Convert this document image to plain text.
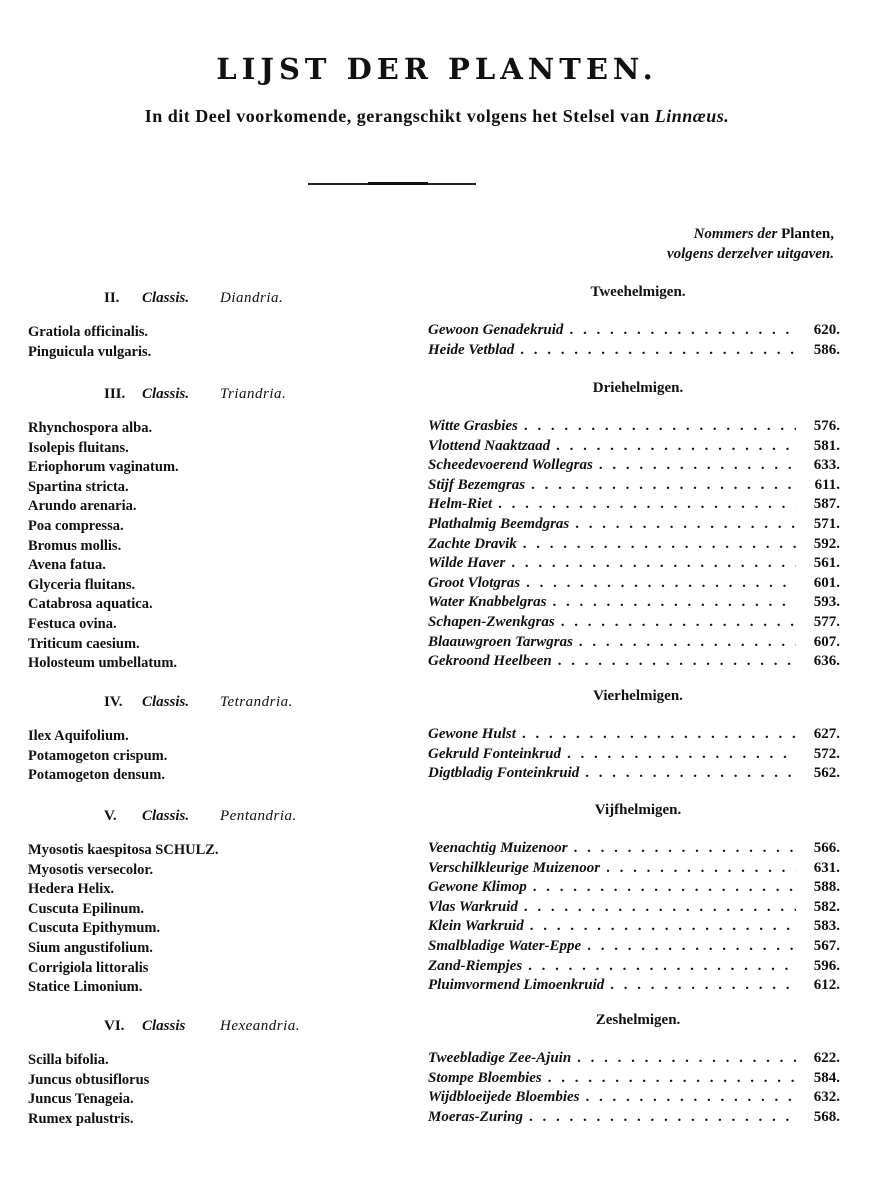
LIJST DER PLANTEN.
In dit Deel voorkomende, gerangschikt volgens het Stelsel van Linnæus.
Nommers der Planten,
volgens derzelver uitgaven.
II. Classis. Diandria.
Gratiola officinalis.
Pinguicula vulgaris.
III. Classis. Triandria.
Rhynchospora alba.
Isolepis fluitans.
Eriophorum vaginatum.
Spartina stricta.
Arundo arenaria.
Poa compressa.
Bromus mollis.
Avena fatua.
Glyceria fluitans.
Catabrosa aquatica.
Festuca ovina.
Triticum caesium.
Holosteum umbellatum.
IV. Classis. Tetrandria.
Ilex Aquifolium.
Potamogeton crispum.
Potamogeton densum.
V. Classis. Pentandria.
Myosotis kaespitosa SCHULZ.
Myosotis versecolor.
Hedera Helix.
Cuscuta Epilinum.
Cuscuta Epithymum.
Sium angustifolium.
Corrigiola littoralis
Statice Limonium.
VI. Classis Hexeandria.
Scilla bifolia.
Juncus obtusiflorus
Juncus Tenageia.
Rumex palustris.
Tweehelmigen.
Gewoon Genadekruid . . .	620.
Heide Vetblad . . .	586.
Driehelmigen.
Witte Grasbies . . .	576.
Vlottend Naaktzaad . . .	581.
Scheedevoerend Wollegras . . .	633.
Stijf Bezemgras . . .	611.
Helm-Riet . . .	587.
Plathalmig Beemdgras . . .	571.
Zachte Dravik . . .	592.
Wilde Haver . . .	561.
Groot Vlotgras . . .	601.
Water Knabbelgras . . .	593.
Schapen-Zwenkgras . . .	577.
Blaauwgroen Tarwgras . . .	607.
Gekroond Heelbeen . . .	636.
Vierhelmigen.
Gewone Hulst . . .	627.
Gekruld Fonteinkrud . . .	572.
Digtbladig Fonteinkruid . . .	562.
Vijfhelmigen.
Veenachtig Muizenoor . . .	566.
Verschilkleurige Muizenoor . . .	631.
Gewone Klimop . . .	588.
Vlas Warkruid . . .	582.
Klein Warkruid . . .	583.
Smalbladige Water-Eppe . . .	567.
Zand-Riempjes . . .	596.
Pluimvormend Limoenkruid . . .	612.
Zeshelmigen.
Tweebladige Zee-Ajuin . . .	622.
Stompe Bloembies . . .	584.
Wijdbloeijede Bloembies . . .	632.
Moeras-Zuring . . .	568.
